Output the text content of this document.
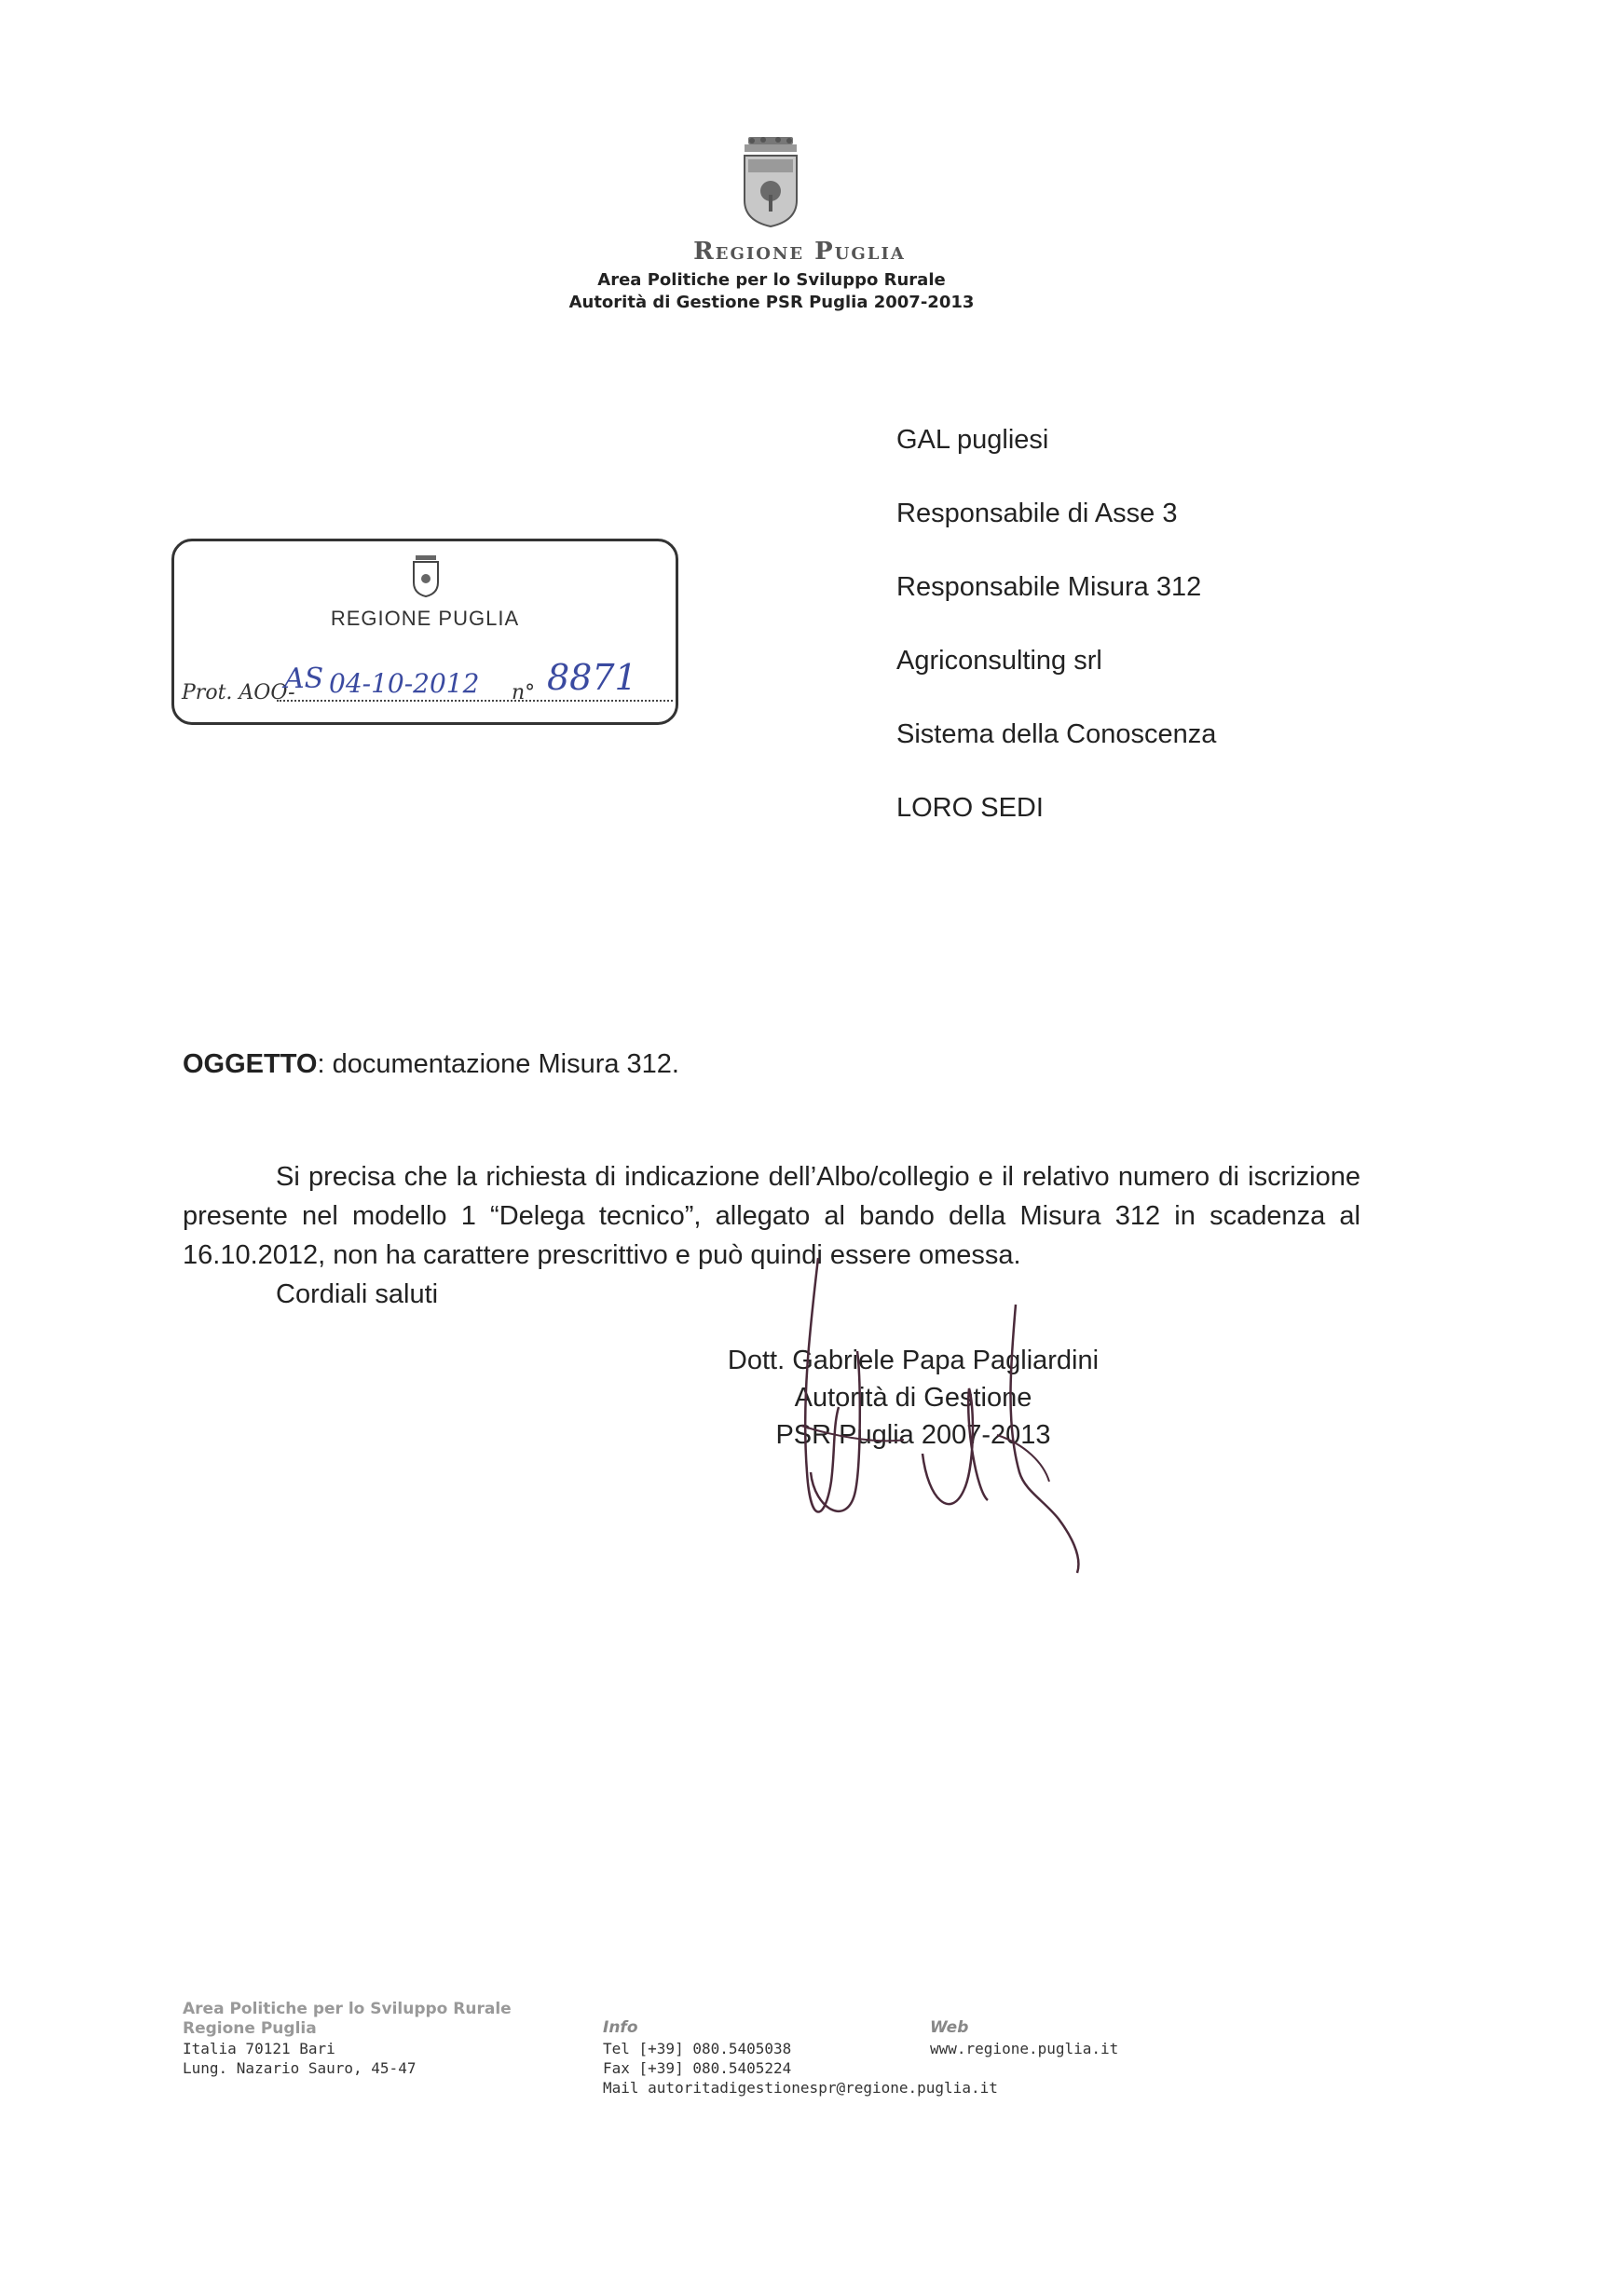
Regione Puglia
Area Politiche per lo Sviluppo Rurale
Autorità di Gestione PSR Puglia 2007-2013
GAL pugliesi
Responsabile di Asse 3
Responsabile Misura 312
Agriconsulting srl
Sistema della Conoscenza
LORO SEDI
REGIONE PUGLIA
Prot. AOO-
AS 04-10-2012 n° 8871
OGGETTO: documentazione Misura 312.

Si precisa che la richiesta di indicazione dell’Albo/collegio e il relativo numero di iscrizione presente nel modello 1 “Delega tecnico”, allegato al bando della Misura 312 in scadenza al 16.10.2012, non ha carattere prescrittivo e può quindi essere omessa.

Cordiali saluti

Dott. Gabriele Papa Pagliardini
Autorità di Gestione
PSR Puglia 2007-2013
Area Politiche per lo Sviluppo Rurale
Regione Puglia
Italia 70121 Bari
Lung. Nazario Sauro, 45-47
Info
Tel [+39] 080.5405038
Fax [+39] 080.5405224
Mail autoritadigestionespr@regione.puglia.it
Web
www.regione.puglia.it
